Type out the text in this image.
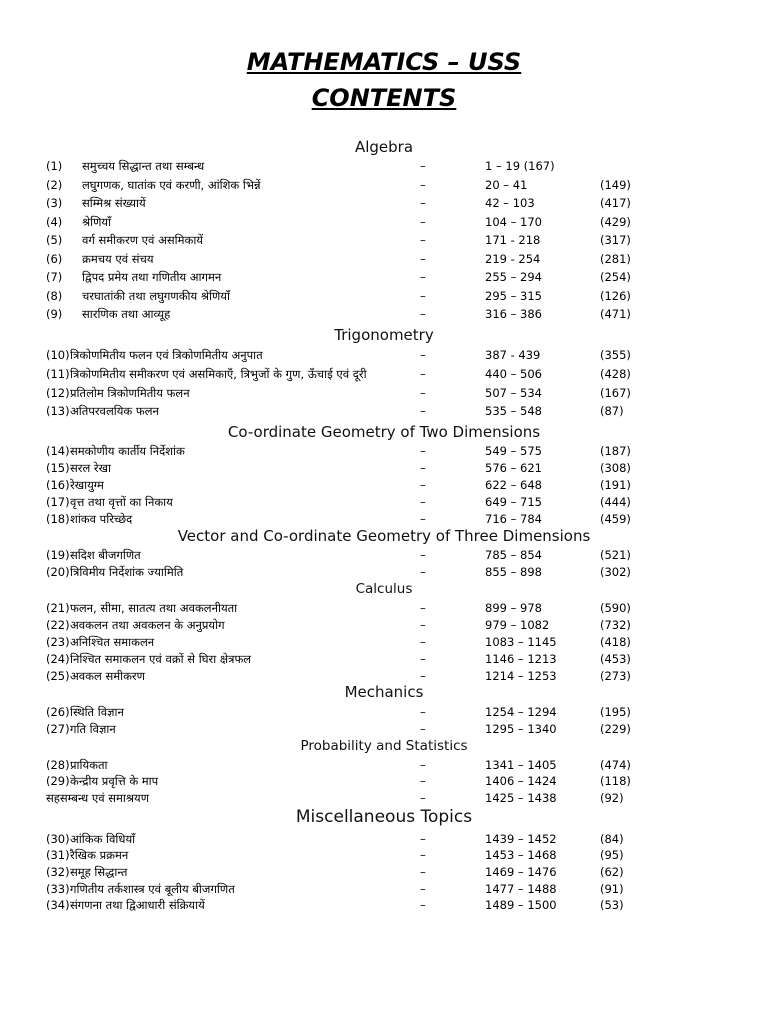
MATHEMATICS – USS
CONTENTS
Algebra
(1) समुच्चय सिद्धान्त तथा सम्बन्ध	–	1 – 19 (167)
(2) लघुगणक, घातांक एवं करणी, आंशिक भिन्नें	–	20 – 41	(149)
(3) सम्मिश्र संख्यायें	–	42 – 103	(417)
(4) श्रेणियाँ	–	104 – 170	(429)
(5) वर्ग समीकरण एवं असमिकायें	–	171 - 218	(317)
(6) क्रमचय एवं संचय	–	219 - 254	(281)
(7) द्विपद प्रमेय तथा गणितीय आगमन	–	255 – 294	(254)
(8) चरघातांकी तथा लघुगणकीय श्रेणियाँ	–	295 – 315	(126)
(9) सारणिक तथा आव्यूह	–	316 – 386	(471)
Trigonometry
(10) त्रिकोणमितीय फलन एवं त्रिकोणमितीय अनुपात	–	387 - 439	(355)
(11) त्रिकोणमितीय समीकरण एवं असमिकाएँ, त्रिभुजों के गुण, ऊँचाई एवं दूरी	–	440 – 506	(428)
(12) प्रतिलोम त्रिकोणमितीय फलन	–	507 – 534	(167)
(13) अतिपरवलयिक फलन	–	535 – 548	(87)
Co-ordinate Geometry of Two Dimensions
(14) समकोणीय कार्तीय निर्देशांक	–	549 – 575	(187)
(15) सरल रेखा	–	576 – 621	(308)
(16) रेखायुग्म	–	622 – 648	(191)
(17) वृत्त तथा वृत्तों का निकाय	–	649 – 715	(444)
(18) शांकव परिच्छेद	–	716 – 784	(459)
Vector and Co-ordinate Geometry of Three Dimensions
(19) सदिश बीजगणित	–	785 – 854	(521)
(20) त्रिविमीय निर्देशांक ज्यामिति	–	855 – 898	(302)
Calculus
(21) फलन, सीमा, सातत्य तथा अवकलनीयता	–	899 – 978	(590)
(22) अवकलन तथा अवकलन के अनुप्रयोग	–	979 – 1082	(732)
(23) अनिश्चित समाकलन	–	1083 – 1145	(418)
(24) निश्चित समाकलन एवं वक्रों से घिरा क्षेत्रफल	–	1146 – 1213	(453)
(25) अवकल समीकरण	–	1214 – 1253	(273)
Mechanics
(26) स्थिति विज्ञान	–	1254 – 1294	(195)
(27) गति विज्ञान	–	1295 – 1340	(229)
Probability and Statistics
(28) प्रायिकता	–	1341 – 1405	(474)
(29) केन्द्रीय प्रवृत्ति के माप	–	1406 – 1424	(118)
सहसम्बन्ध एवं समाश्रयण	–	1425 – 1438	(92)
Miscellaneous Topics
(30) आंकिक विधियाँ	–	1439 – 1452	(84)
(31) रैखिक प्रक्रमन	–	1453 – 1468	(95)
(32) समूह सिद्धान्त	–	1469 – 1476	(62)
(33) गणितीय तर्कशास्त्र एवं बूलीय बीजगणित	–	1477 – 1488	(91)
(34) संगणना तथा द्विआधारी संक्रियायें	–	1489 – 1500	(53)
